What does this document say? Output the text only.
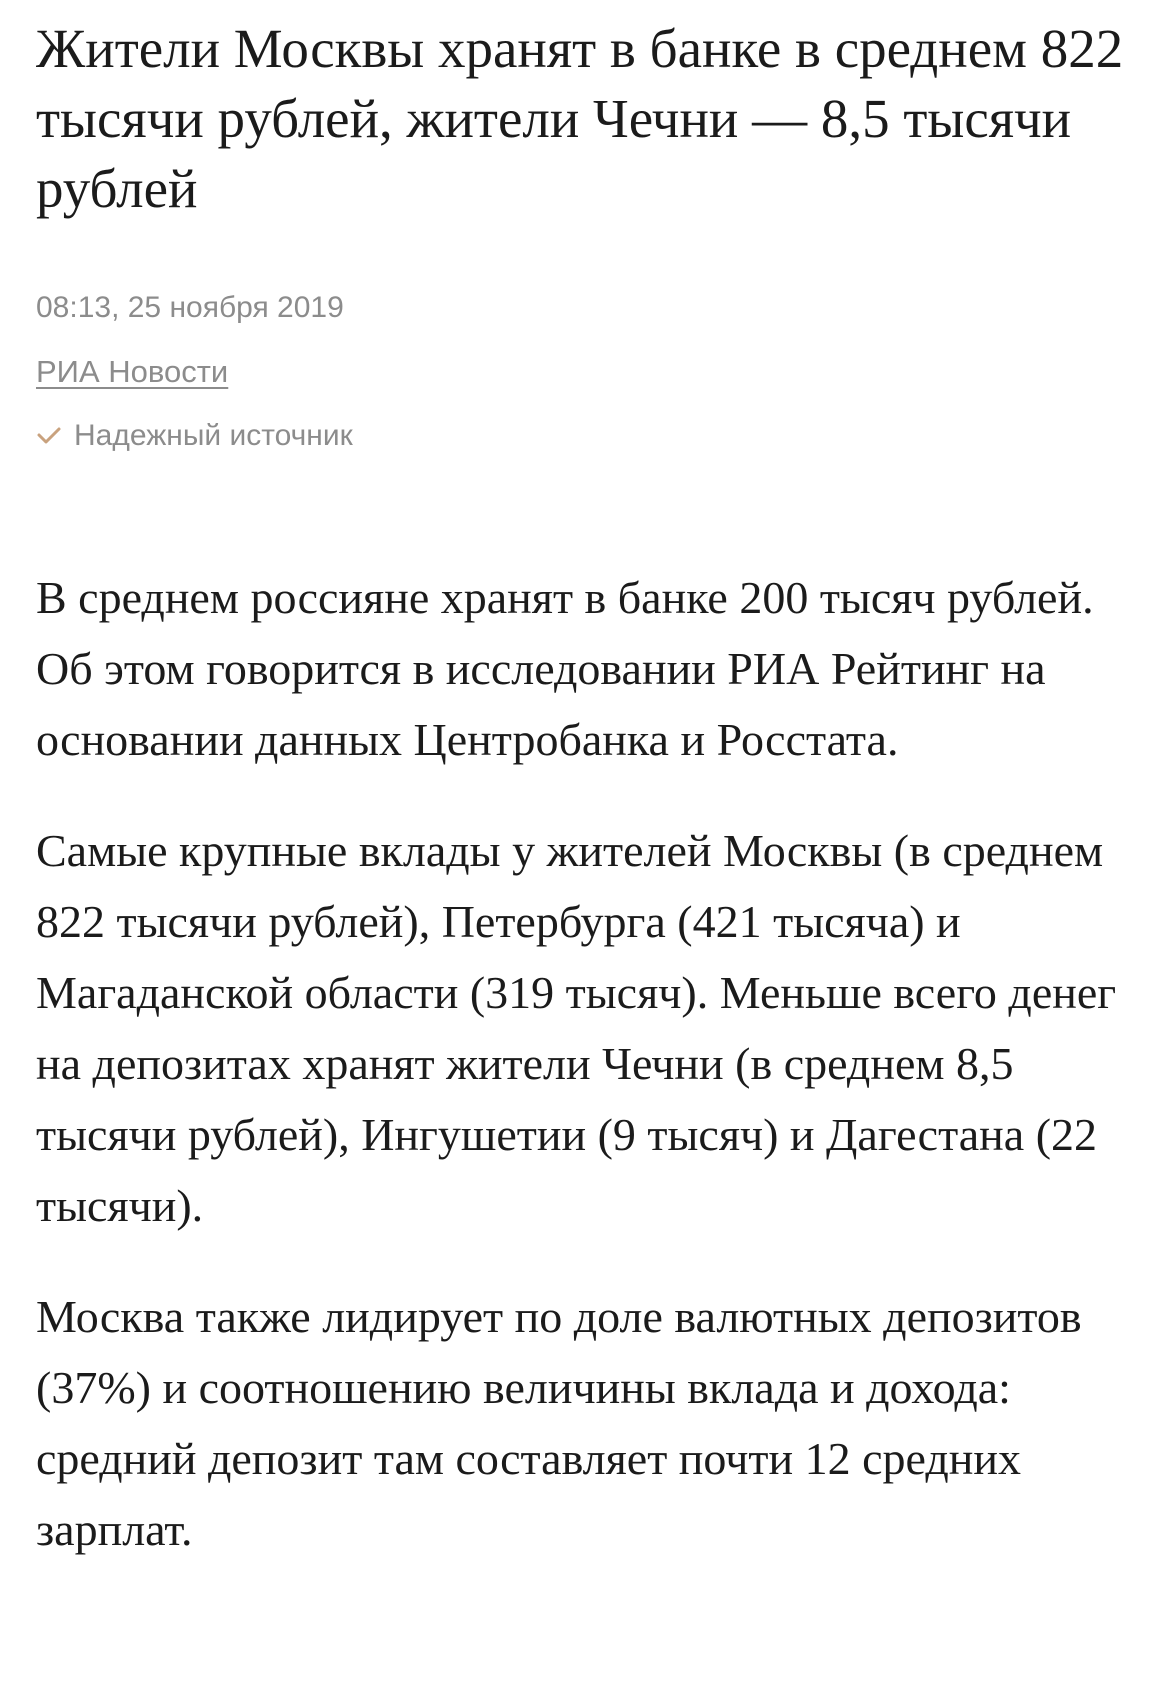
Жители Москвы хранят в банке в среднем 822 тысячи рублей, жители Чечни — 8,5 тысячи рублей
08:13, 25 ноября 2019
РИА Новости
Надежный источник

В среднем россияне хранят в банке 200 тысяч рублей. Об этом говорится в исследовании РИА Рейтинг на основании данных Центробанка и Росстата.

Самые крупные вклады у жителей Москвы (в среднем 822 тысячи рублей), Петербурга (421 тысяча) и Магаданской области (319 тысяч). Меньше всего денег на депозитах хранят жители Чечни (в среднем 8,5 тысячи рублей), Ингушетии (9 тысяч) и Дагестана (22 тысячи).

Москва также лидирует по доле валютных депозитов (37%) и соотношению величины вклада и дохода: средний депозит там составляет почти 12 средних зарплат.
